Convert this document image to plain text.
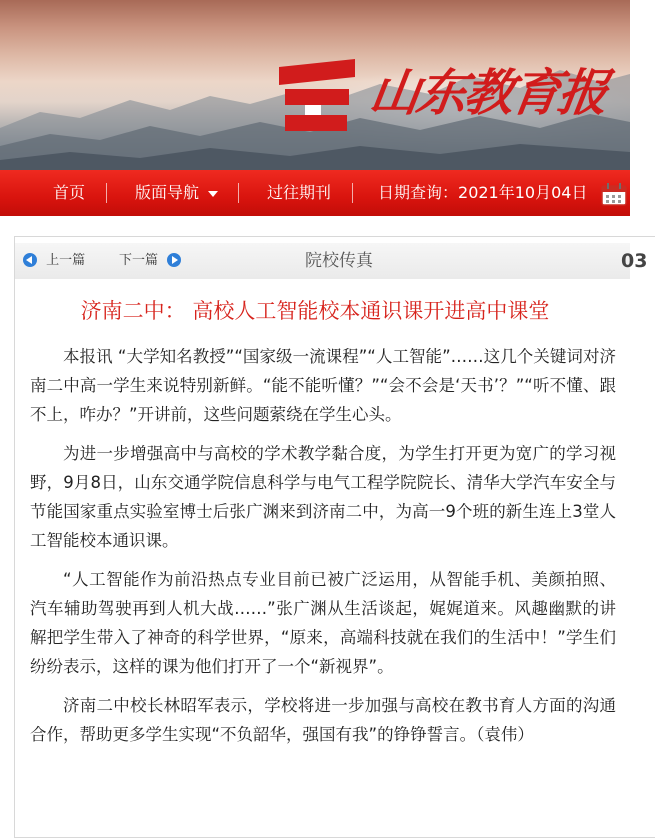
山东教育报
首页	版面导航	过往期刊	日期查询：2021年10月04日
上一篇	下一篇	院校传真	03
济南二中： 高校人工智能校本通识课开进高中课堂

本报讯 “大学知名教授”“国家级一流课程”“人工智能”……这几个关键词对济南二中高一学生来说特别新鲜。“能不能听懂？”“会不会是‘天书’？”“听不懂、跟不上，咋办？”开讲前，这些问题萦绕在学生心头。

为进一步增强高中与高校的学术教学黏合度，为学生打开更为宽广的学习视野，9月8日，山东交通学院信息科学与电气工程学院院长、清华大学汽车安全与节能国家重点实验室博士后张广渊来到济南二中，为高一9个班的新生连上3堂人工智能校本通识课。

“人工智能作为前沿热点专业目前已被广泛运用，从智能手机、美颜拍照、汽车辅助驾驶再到人机大战……”张广渊从生活谈起，娓娓道来。风趣幽默的讲解把学生带入了神奇的科学世界，“原来，高端科技就在我们的生活中！”学生们纷纷表示，这样的课为他们打开了一个“新视界”。

济南二中校长林昭军表示，学校将进一步加强与高校在教书育人方面的沟通合作，帮助更多学生实现“不负韶华，强国有我”的铮铮誓言。（袁伟）
